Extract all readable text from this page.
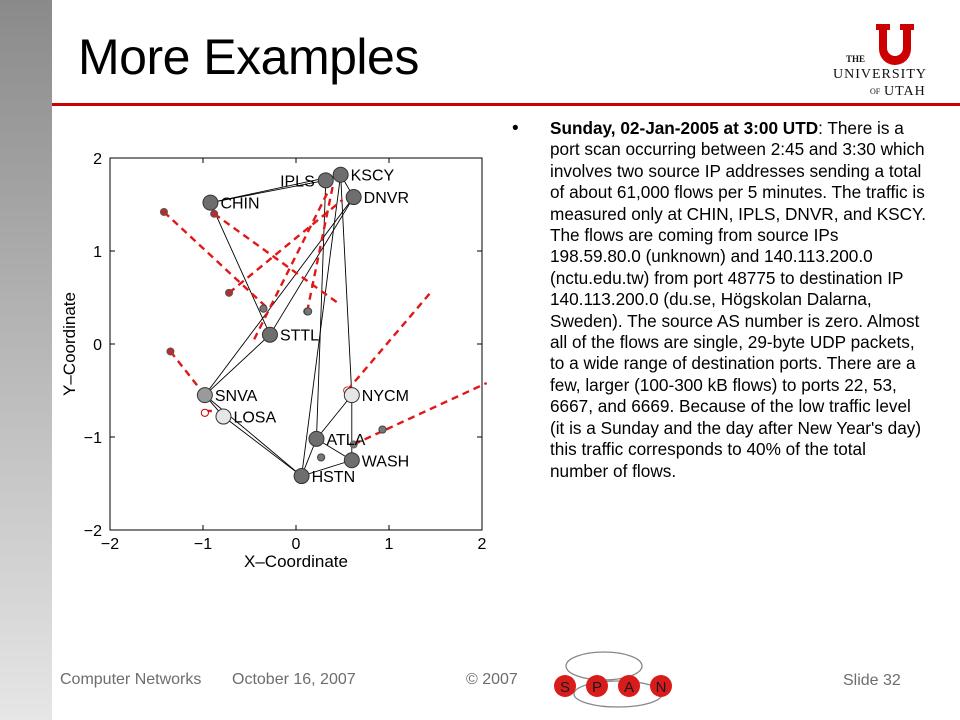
More Examples	THE
UNIVERSITY
OF UTAH
IPLS KSCY
DNVR
CHIN
STTL
SNVA
LOSA
NYCM
ATLA
WASH
HSTN
−2	−1	0	1	2
−2
−1
0
1
2
X–Coordinate
Y–Coordinate
• Sunday, 02-Jan-2005 at 3:00 UTD: There is a port scan occurring between 2:45 and 3:30 which involves two source IP addresses sending a total of about 61,000 flows per 5 minutes. The traffic is measured only at CHIN, IPLS, DNVR, and KSCY. The flows are coming from source IPs 198.59.80.0 (unknown) and 140.113.200.0 (nctu.edu.tw) from port 48775 to destination IP 140.113.200.0 (du.se, Högskolan Dalarna, Sweden). The source AS number is zero. Almost all of the flows are single, 29-byte UDP packets, to a wide range of destination ports. There are a few, larger (100-300 kB flows) to ports 22, 53, 6667, and 6669. Because of the low traffic level (it is a Sunday and the day after New Year's day) this traffic corresponds to 40% of the total number of flows.
Computer Networks October 16, 2007	© 2007	Slide 32
S P A N
